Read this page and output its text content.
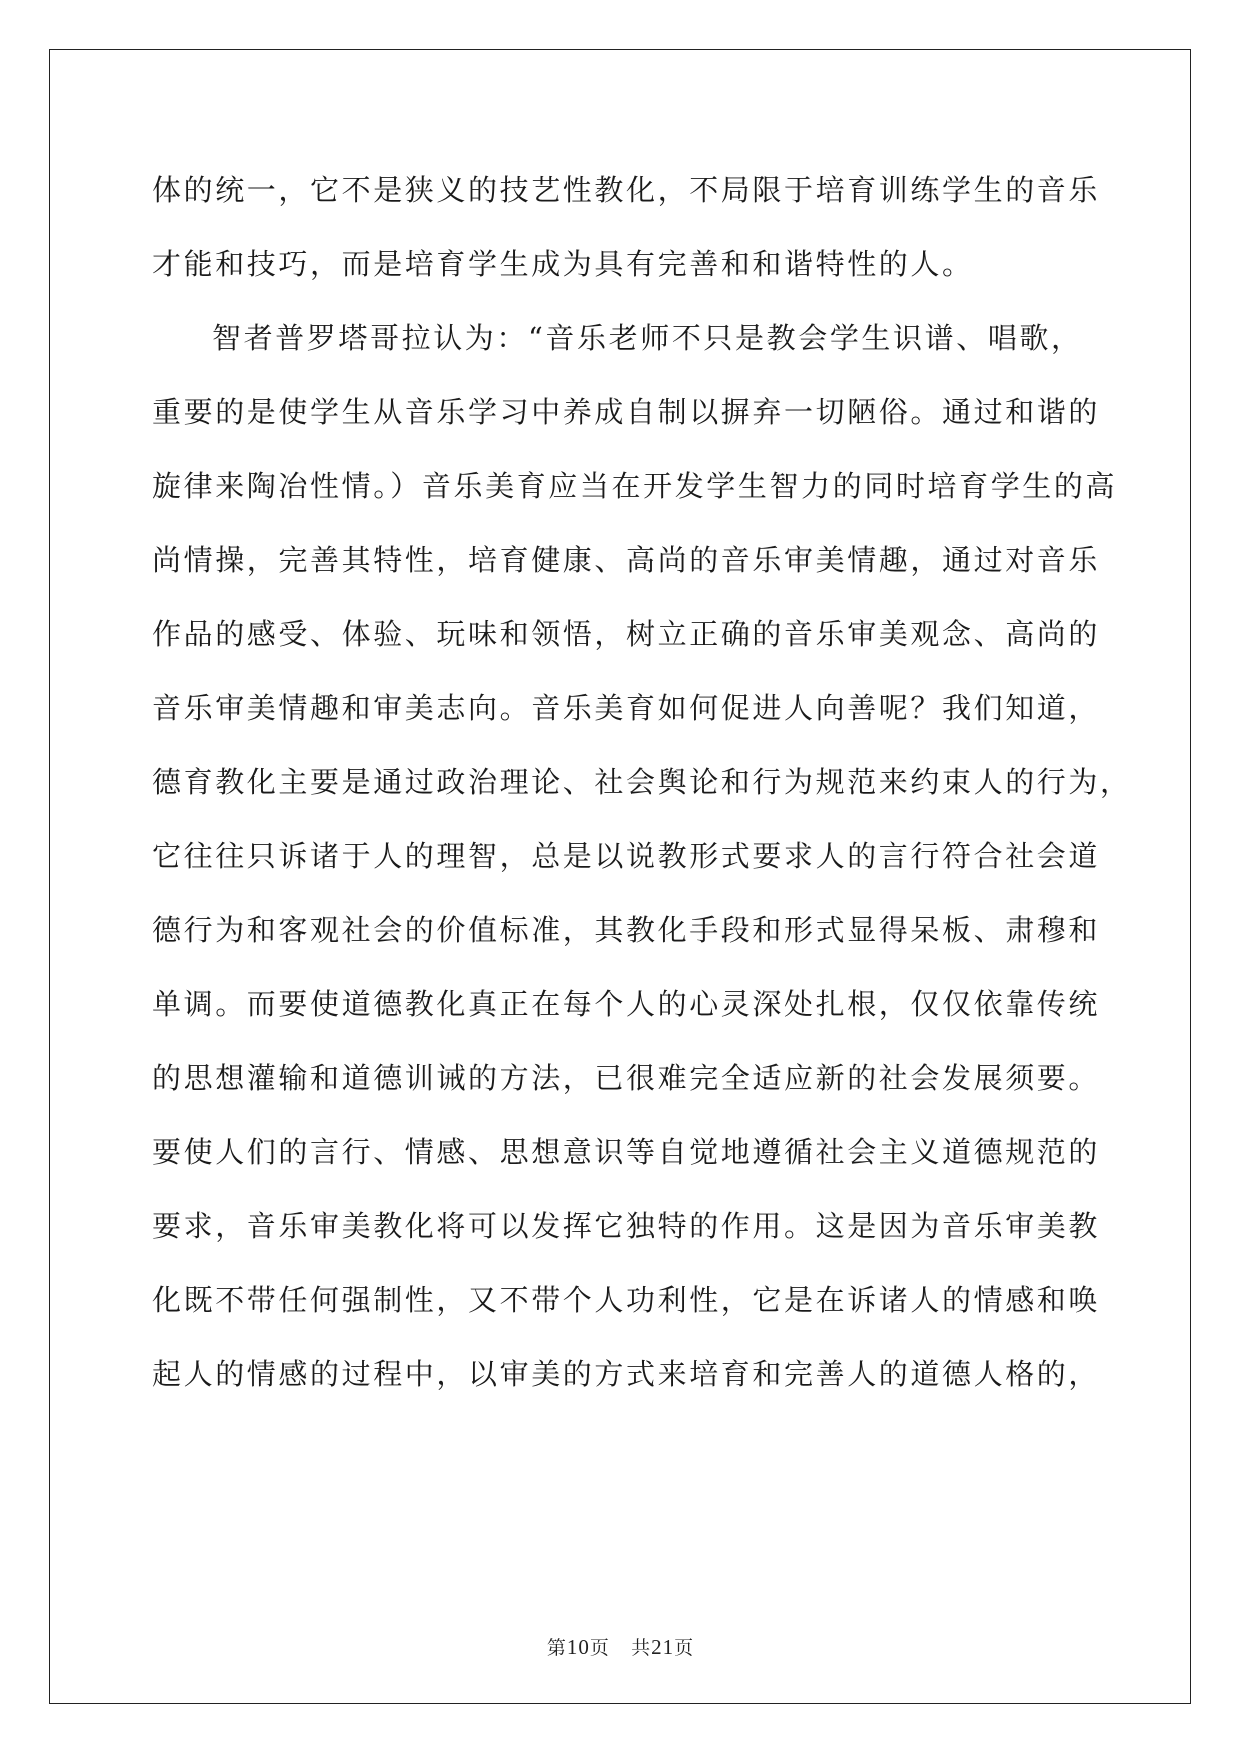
体的统一，它不是狭义的技艺性教化，不局限于培育训练学生的音乐
才能和技巧，而是培育学生成为具有完善和和谐特性的人。
智者普罗塔哥拉认为：“音乐老师不只是教会学生识谱、唱歌，
重要的是使学生从音乐学习中养成自制以摒弃一切陋俗。通过和谐的
旋律来陶冶性情。）音乐美育应当在开发学生智力的同时培育学生的高
尚情操，完善其特性，培育健康、高尚的音乐审美情趣，通过对音乐
作品的感受、体验、玩味和领悟，树立正确的音乐审美观念、高尚的
音乐审美情趣和审美志向。音乐美育如何促进人向善呢？我们知道，
德育教化主要是通过政治理论、社会舆论和行为规范来约束人的行为，
它往往只诉诸于人的理智，总是以说教形式要求人的言行符合社会道
德行为和客观社会的价值标准，其教化手段和形式显得呆板、肃穆和
单调。而要使道德教化真正在每个人的心灵深处扎根，仅仅依靠传统
的思想灌输和道德训诫的方法，已很难完全适应新的社会发展须要。
要使人们的言行、情感、思想意识等自觉地遵循社会主义道德规范的
要求，音乐审美教化将可以发挥它独特的作用。这是因为音乐审美教
化既不带任何强制性，又不带个人功利性，它是在诉诸人的情感和唤
起人的情感的过程中，以审美的方式来培育和完善人的道德人格的，
第10页 共21页
